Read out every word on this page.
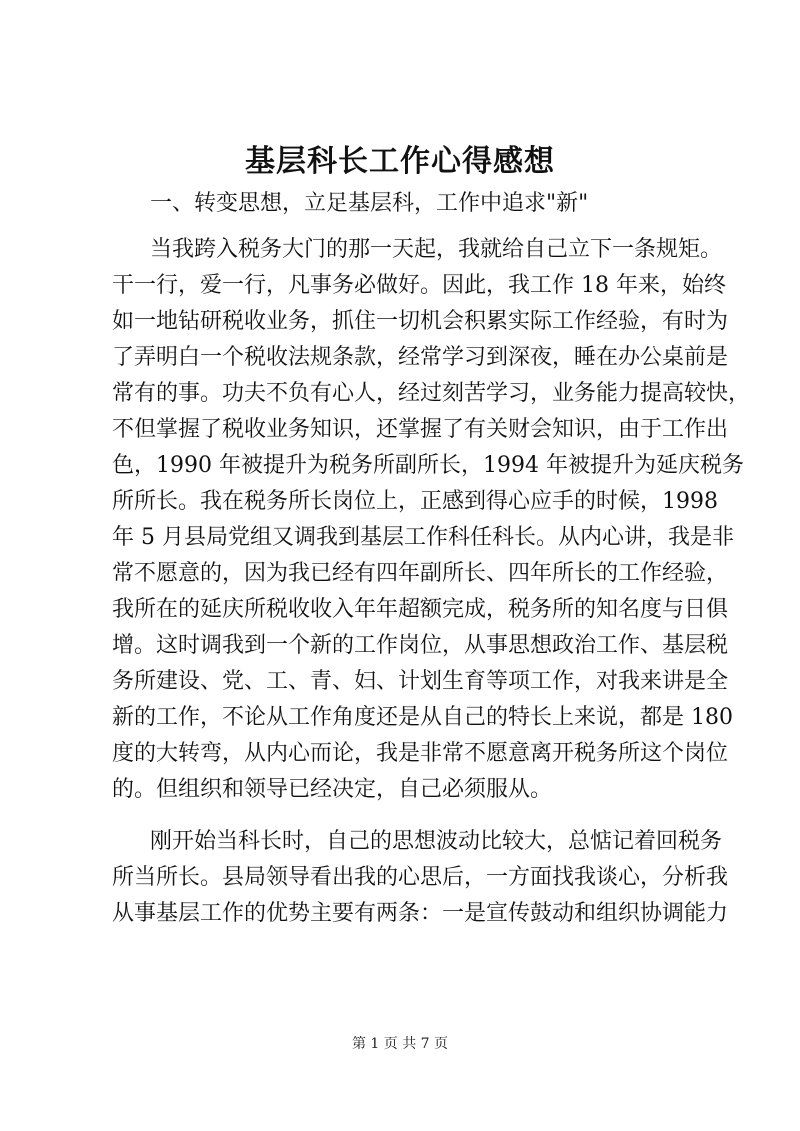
基层科长工作心得感想
一、转变思想，立足基层科，工作中追求"新"
当我跨入税务大门的那一天起，我就给自己立下一条规矩。
干一行，爱一行，凡事务必做好。因此，我工作 18 年来，始终
如一地钻研税收业务，抓住一切机会积累实际工作经验，有时为
了弄明白一个税收法规条款，经常学习到深夜，睡在办公桌前是
常有的事。功夫不负有心人，经过刻苦学习，业务能力提高较快，
不但掌握了税收业务知识，还掌握了有关财会知识，由于工作出
色，1990 年被提升为税务所副所长，1994 年被提升为延庆税务
所所长。我在税务所长岗位上，正感到得心应手的时候，1998
年 5 月县局党组又调我到基层工作科任科长。从内心讲，我是非
常不愿意的，因为我已经有四年副所长、四年所长的工作经验，
我所在的延庆所税收收入年年超额完成，税务所的知名度与日俱
增。这时调我到一个新的工作岗位，从事思想政治工作、基层税
务所建设、党、工、青、妇、计划生育等项工作，对我来讲是全
新的工作，不论从工作角度还是从自己的特长上来说，都是 180
度的大转弯，从内心而论，我是非常不愿意离开税务所这个岗位
的。但组织和领导已经决定，自己必须服从。
刚开始当科长时，自己的思想波动比较大，总惦记着回税务
所当所长。县局领导看出我的心思后，一方面找我谈心，分析我
从事基层工作的优势主要有两条：一是宣传鼓动和组织协调能力
第 1 页 共 7 页
